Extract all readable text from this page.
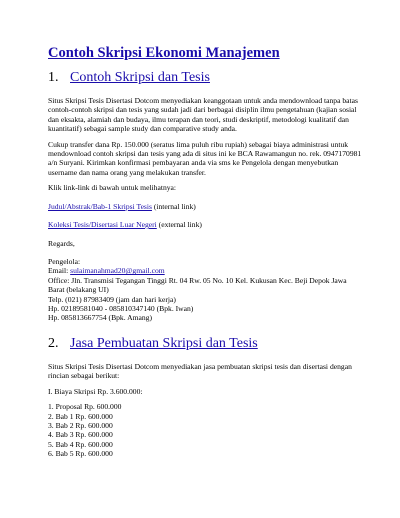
Contoh Skripsi Ekonomi Manajemen
1. Contoh Skripsi dan Tesis

Situs Skripsi Tesis Disertasi Dotcom menyediakan keanggotaan untuk anda mendownload tanpa batas contoh-contoh skripsi dan tesis yang sudah jadi dari berbagai disiplin ilmu pengetahuan (kajian sosial dan eksakta, alamiah dan budaya, ilmu terapan dan teori, studi deskriptif, metodologi kualitatif dan kuantitatif) sebagai sample study dan comparative study anda.

Cukup transfer dana Rp. 150.000 (seratus lima puluh ribu rupiah) sebagai biaya administrasi untuk mendownload contoh skripsi dan tesis yang ada di situs ini ke BCA Rawamangun no. rek. 0947170981 a/n Suryani. Kirimkan konfirmasi pembayaran anda via sms ke Pengelola dengan menyebutkan username dan nama orang yang melakukan transfer.

Klik link-link di bawah untuk melihatnya:

Judul/Abstrak/Bab-1 Skripsi Tesis (internal link)

Koleksi Tesis/Disertasi Luar Negeri (external link)

Regards,

Pengelola:

Email: sulaimanahmad20@gmail.com

Office: Jln. Transmisi Tegangan Tinggi Rt. 04 Rw. 05 No. 10 Kel. Kukusan Kec. Beji Depok Jawa Barat (belakang UI)

Telp. (021) 87983409 (jam dan hari kerja)

Hp. 02189581040 - 085810347140 (Bpk. Iwan)

Hp. 085813667754 (Bpk. Amang)

2. Jasa Pembuatan Skripsi dan Tesis

Situs Skripsi Tesis Disertasi Dotcom menyediakan jasa pembuatan skripsi tesis dan disertasi dengan rincian sebagai berikut:

I. Biaya Skripsi Rp. 3.600.000:

1. Proposal Rp. 600.000

2. Bab 1 Rp. 600.000

3. Bab 2 Rp. 600.000

4. Bab 3 Rp. 600.000

5. Bab 4 Rp. 600.000

6. Bab 5 Rp. 600.000
